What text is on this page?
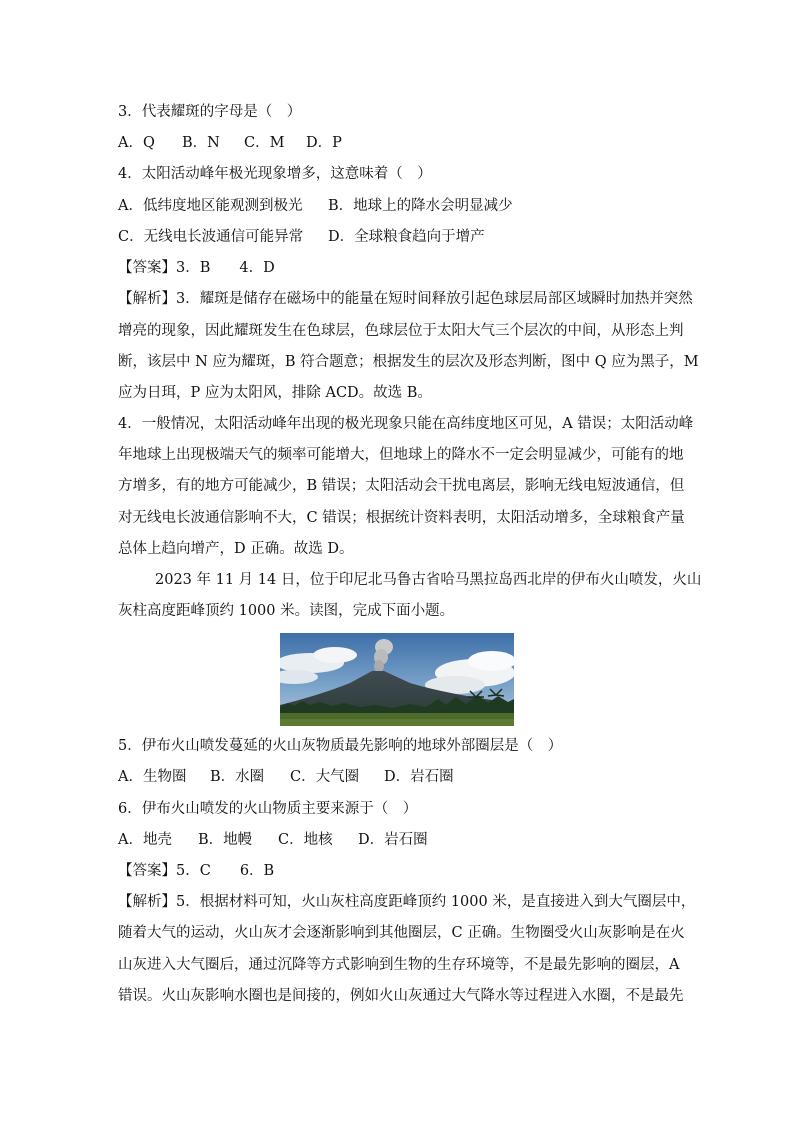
3．代表耀斑的字母是（　）
A．Q B．N C．M D．P
4．太阳活动峰年极光现象增多，这意味着（　）
A．低纬度地区能观测到极光 B．地球上的降水会明显减少
C．无线电长波通信可能异常 D．全球粮食趋向于增产
【答案】3．B　　4．D
【解析】3．耀斑是储存在磁场中的能量在短时间释放引起色球层局部区域瞬时加热并突然
增亮的现象，因此耀斑发生在色球层，色球层位于太阳大气三个层次的中间，从形态上判
断，该层中 N 应为耀斑，B 符合题意；根据发生的层次及形态判断，图中 Q 应为黑子，M
应为日珥，P 应为太阳风，排除 ACD。故选 B。
4．一般情况，太阳活动峰年出现的极光现象只能在高纬度地区可见，A 错误；太阳活动峰
年地球上出现极端天气的频率可能增大，但地球上的降水不一定会明显减少，可能有的地
方增多，有的地方可能减少，B 错误；太阳活动会干扰电离层，影响无线电短波通信，但
对无线电长波通信影响不大，C 错误；根据统计资料表明，太阳活动增多，全球粮食产量
总体上趋向增产，D 正确。故选 D。
2023 年 11 月 14 日，位于印尼北马鲁古省哈马黑拉岛西北岸的伊布火山喷发，火山
灰柱高度距峰顶约 1000 米。读图，完成下面小题。
5．伊布火山喷发蔓延的火山灰物质最先影响的地球外部圈层是（　）
A．生物圈 B．水圈 C．大气圈 D．岩石圈
6．伊布火山喷发的火山物质主要来源于（　）
A．地壳 B．地幔 C．地核 D．岩石圈
【答案】5．C　　6．B
【解析】5．根据材料可知，火山灰柱高度距峰顶约 1000 米，是直接进入到大气圈层中，
随着大气的运动，火山灰才会逐渐影响到其他圈层，C 正确。生物圈受火山灰影响是在火
山灰进入大气圈后，通过沉降等方式影响到生物的生存环境等，不是最先影响的圈层，A
错误。火山灰影响水圈也是间接的，例如火山灰通过大气降水等过程进入水圈，不是最先
